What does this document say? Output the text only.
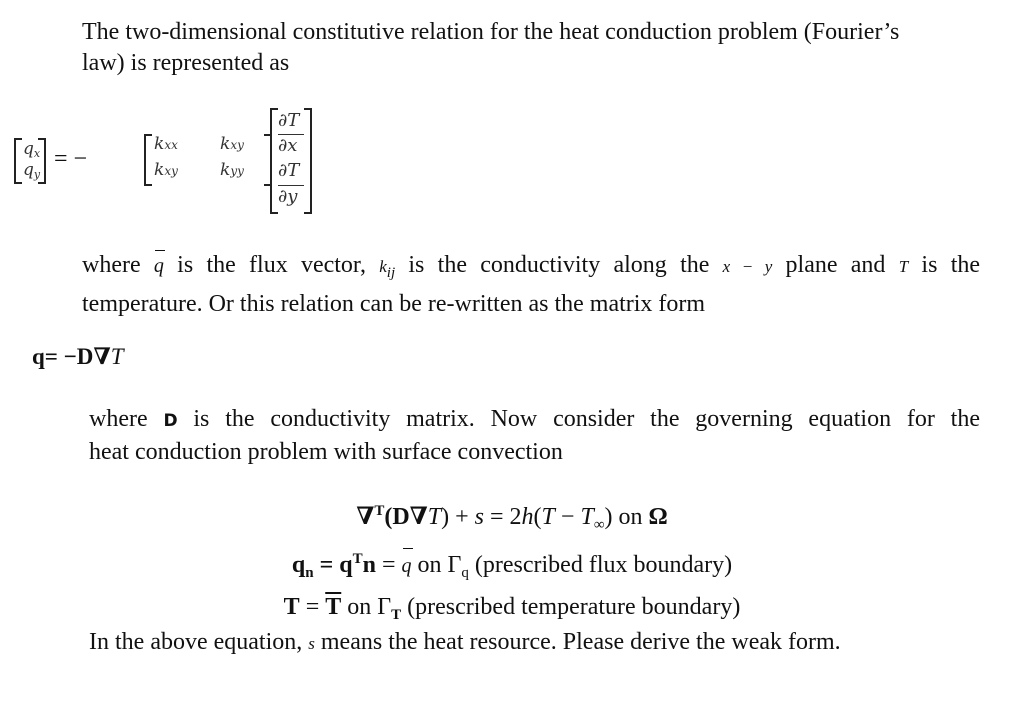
The two-dimensional constitutive relation for the heat conduction problem (Fourier’s

law) is represented as

$q_x$
$q_y$
= −
kxx kxy
kxy kyy
∂T
∂x
∂T
∂y

where q is the flux vector, kij is the conductivity along the x − y plane and T is the

temperature. Or this relation can be re-written as the matrix form

q= −D∇T

where D is the conductivity matrix. Now consider the governing equation for the

heat conduction problem with surface convection

$\nabla^T(D\nabla T) + s = 2h(T - T_\infty)$ on Ω
$q_n = q^Tn = q$ on $\Gamma_q$ (prescribed flux boundary)
$T = \overline{T}$ on $\Gamma_T$ (prescribed temperature boundary)

In the above equation, s means the heat resource. Please derive the weak form.
